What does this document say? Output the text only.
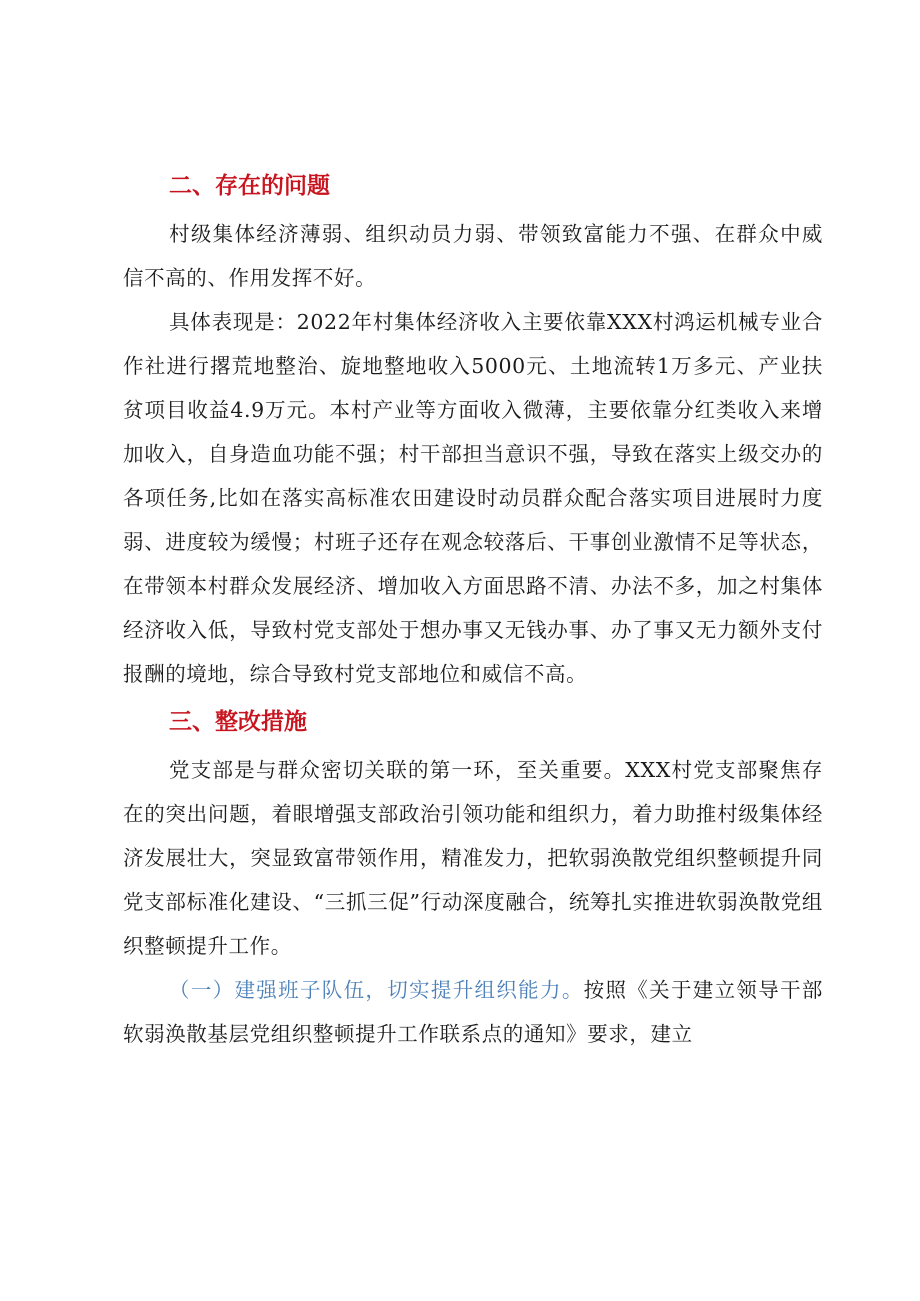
二、存在的问题

村级集体经济薄弱、组织动员力弱、带领致富能力不强、在群众中威信不高的、作用发挥不好。

具体表现是：2022年村集体经济收入主要依靠XXX村鸿运机械专业合作社进行撂荒地整治、旋地整地收入5000元、土地流转1万多元、产业扶贫项目收益4.9万元。本村产业等方面收入微薄，主要依靠分红类收入来增加收入，自身造血功能不强；村干部担当意识不强，导致在落实上级交办的各项任务,比如在落实高标准农田建设时动员群众配合落实项目进展时力度弱、进度较为缓慢；村班子还存在观念较落后、干事创业激情不足等状态，在带领本村群众发展经济、增加收入方面思路不清、办法不多，加之村集体经济收入低，导致村党支部处于想办事又无钱办事、办了事又无力额外支付报酬的境地，综合导致村党支部地位和威信不高。

三、整改措施

党支部是与群众密切关联的第一环，至关重要。XXX村党支部聚焦存在的突出问题，着眼增强支部政治引领功能和组织力，着力助推村级集体经济发展壮大，突显致富带领作用，精准发力，把软弱涣散党组织整顿提升同党支部标准化建设、“三抓三促”行动深度融合，统筹扎实推进软弱涣散党组织整顿提升工作。

（一）建强班子队伍，切实提升组织能力。按照《关于建立领导干部软弱涣散基层党组织整顿提升工作联系点的通知》要求，建立
